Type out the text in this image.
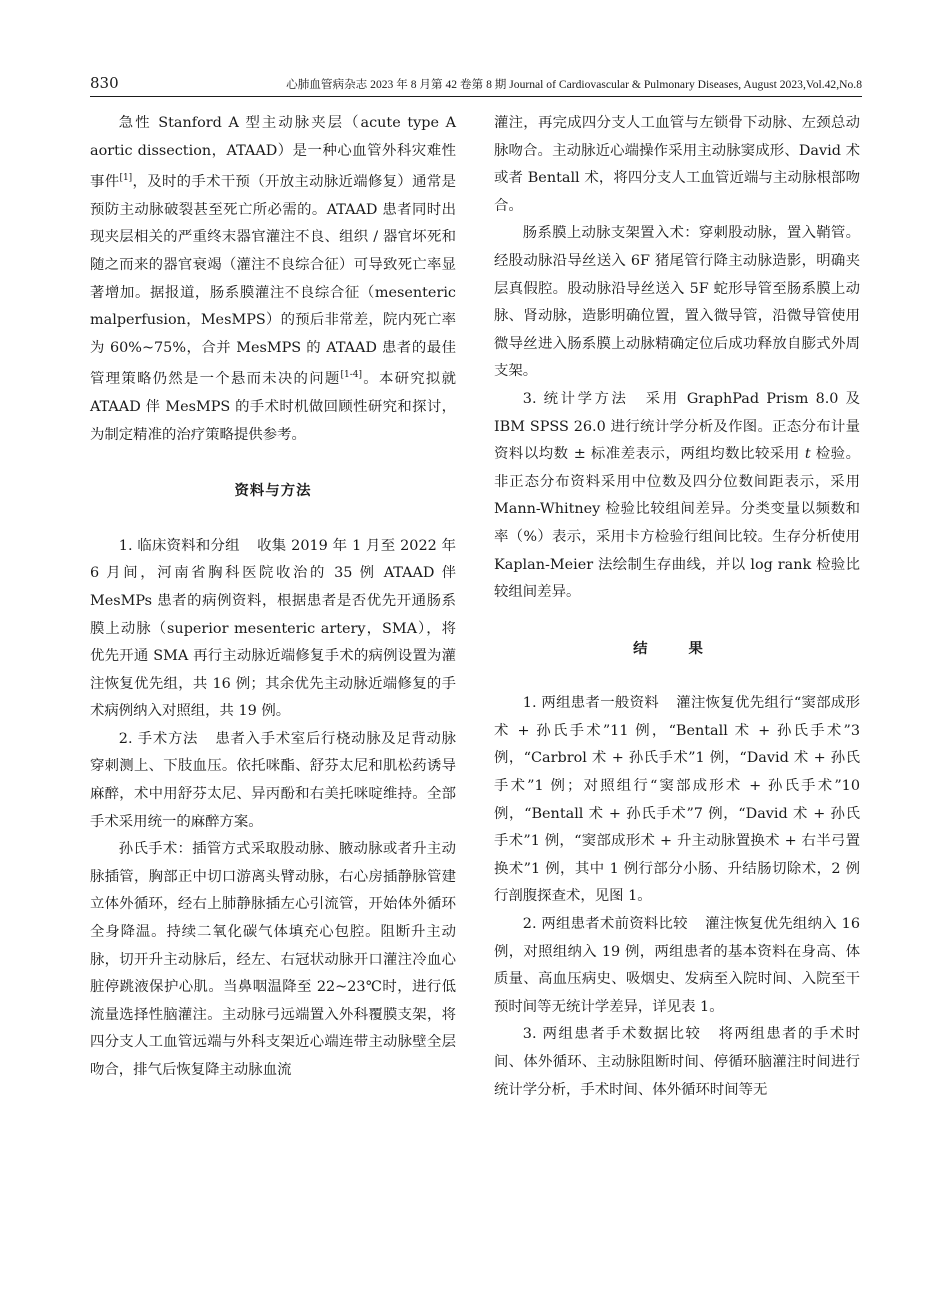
830	心肺血管病杂志 2023 年 8 月第 42 卷第 8 期 Journal of Cardiovascular & Pulmonary Diseases, August 2023,Vol.42,No.8

急性 Stanford A 型主动脉夹层（acute type A aortic dissection，ATAAD）是一种心血管外科灾难性事件[1]，及时的手术干预（开放主动脉近端修复）通常是预防主动脉破裂甚至死亡所必需的。ATAAD 患者同时出现夹层相关的严重终末器官灌注不良、组织 / 器官坏死和随之而来的器官衰竭（灌注不良综合征）可导致死亡率显著增加。据报道，肠系膜灌注不良综合征（mesenteric malperfusion，MesMPS）的预后非常差，院内死亡率为 60%~75%，合并 MesMPS 的 ATAAD 患者的最佳管理策略仍然是一个悬而未决的问题[1-4]。本研究拟就 ATAAD 伴 MesMPS 的手术时机做回顾性研究和探讨，为制定精准的治疗策略提供参考。

资料与方法

1. 临床资料和分组 收集 2019 年 1 月至 2022 年 6 月间，河南省胸科医院收治的 35 例 ATAAD 伴 MesMPs 患者的病例资料，根据患者是否优先开通肠系膜上动脉（superior mesenteric artery，SMA），将优先开通 SMA 再行主动脉近端修复手术的病例设置为灌注恢复优先组，共 16 例；其余优先主动脉近端修复的手术病例纳入对照组，共 19 例。

2. 手术方法 患者入手术室后行桡动脉及足背动脉穿刺测上、下肢血压。依托咪酯、舒芬太尼和肌松药诱导麻醉，术中用舒芬太尼、异丙酚和右美托咪啶维持。全部手术采用统一的麻醉方案。

孙氏手术：插管方式采取股动脉、腋动脉或者升主动脉插管，胸部正中切口游离头臂动脉，右心房插静脉管建立体外循环，经右上肺静脉插左心引流管，开始体外循环全身降温。持续二氧化碳气体填充心包腔。阻断升主动脉，切开升主动脉后，经左、右冠状动脉开口灌注冷血心脏停跳液保护心肌。当鼻咽温降至 22~23℃时，进行低流量选择性脑灌注。主动脉弓远端置入外科覆膜支架，将四分支人工血管远端与外科支架近心端连带主动脉壁全层吻合，排气后恢复降主动脉血流

灌注，再完成四分支人工血管与左锁骨下动脉、左颈总动脉吻合。主动脉近心端操作采用主动脉窦成形、David 术或者 Bentall 术，将四分支人工血管近端与主动脉根部吻合。

肠系膜上动脉支架置入术：穿刺股动脉，置入鞘管。经股动脉沿导丝送入 6F 猪尾管行降主动脉造影，明确夹层真假腔。股动脉沿导丝送入 5F 蛇形导管至肠系膜上动脉、肾动脉，造影明确位置，置入微导管，沿微导管使用微导丝进入肠系膜上动脉精确定位后成功释放自膨式外周支架。

3. 统计学方法 采用 GraphPad Prism 8.0 及 IBM SPSS 26.0 进行统计学分析及作图。正态分布计量资料以均数 ± 标准差表示，两组均数比较采用 t 检验。非正态分布资料采用中位数及四分位数间距表示，采用 Mann-Whitney 检验比较组间差异。分类变量以频数和率（%）表示，采用卡方检验行组间比较。生存分析使用 Kaplan-Meier 法绘制生存曲线，并以 log rank 检验比较组间差异。

结 果

1. 两组患者一般资料 灌注恢复优先组行“窦部成形术 + 孙氏手术”11 例，“Bentall 术 + 孙氏手术”3 例，“Carbrol 术 + 孙氏手术”1 例，“David 术 + 孙氏手术”1 例；对照组行“窦部成形术 + 孙氏手术”10 例，“Bentall 术 + 孙氏手术”7 例，“David 术 + 孙氏手术”1 例，“窦部成形术 + 升主动脉置换术 + 右半弓置换术”1 例，其中 1 例行部分小肠、升结肠切除术，2 例行剖腹探查术，见图 1。

2. 两组患者术前资料比较 灌注恢复优先组纳入 16 例，对照组纳入 19 例，两组患者的基本资料在身高、体质量、高血压病史、吸烟史、发病至入院时间、入院至干预时间等无统计学差异，详见表 1。

3. 两组患者手术数据比较 将两组患者的手术时间、体外循环、主动脉阻断时间、停循环脑灌注时间进行统计学分析，手术时间、体外循环时间等无
